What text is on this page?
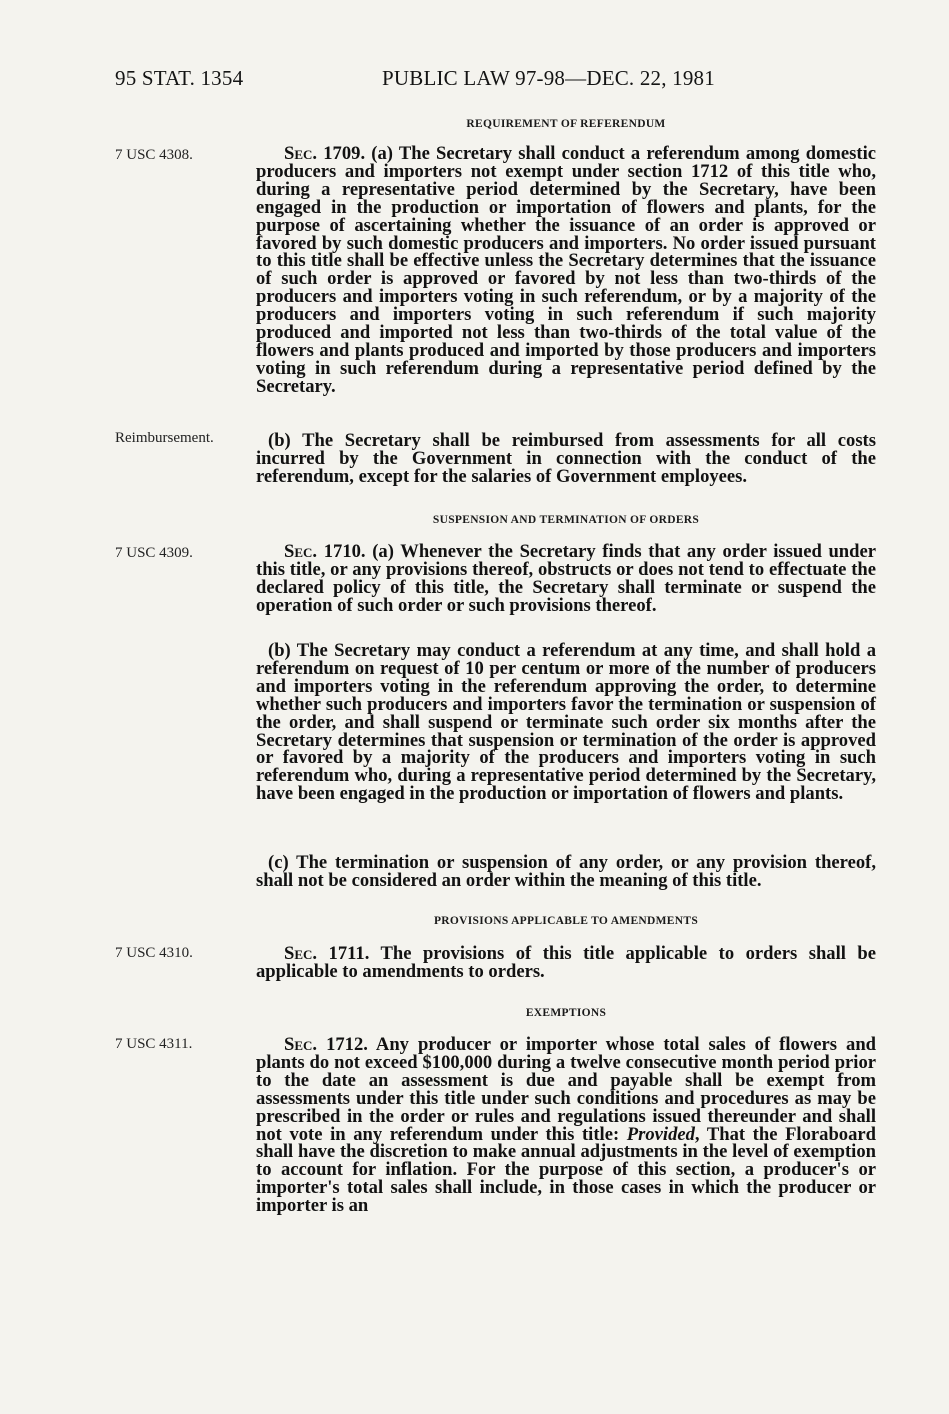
95 STAT. 1354	PUBLIC LAW 97-98—DEC. 22, 1981
REQUIREMENT OF REFERENDUM
7 USC 4308.	Sec. 1709. (a) The Secretary shall conduct a referendum among domestic producers and importers not exempt under section 1712 of this title who, during a representative period determined by the Secretary, have been engaged in the production or importation of flowers and plants, for the purpose of ascertaining whether the issuance of an order is approved or favored by such domestic producers and importers. No order issued pursuant to this title shall be effective unless the Secretary determines that the issuance of such order is approved or favored by not less than two-thirds of the producers and importers voting in such referendum, or by a majority of the producers and importers voting in such referendum if such majority produced and imported not less than two-thirds of the total value of the flowers and plants produced and imported by those producers and importers voting in such referendum during a representative period defined by the Secretary.

Reimbursement.	(b) The Secretary shall be reimbursed from assessments for all costs incurred by the Government in connection with the conduct of the referendum, except for the salaries of Government employees.

SUSPENSION AND TERMINATION OF ORDERS
7 USC 4309.	Sec. 1710. (a) Whenever the Secretary finds that any order issued under this title, or any provisions thereof, obstructs or does not tend to effectuate the declared policy of this title, the Secretary shall terminate or suspend the operation of such order or such provisions thereof.

(b) The Secretary may conduct a referendum at any time, and shall hold a referendum on request of 10 per centum or more of the number of producers and importers voting in the referendum approving the order, to determine whether such producers and importers favor the termination or suspension of the order, and shall suspend or terminate such order six months after the Secretary determines that suspension or termination of the order is approved or favored by a majority of the producers and importers voting in such referendum who, during a representative period determined by the Secretary, have been engaged in the production or importation of flowers and plants.

(c) The termination or suspension of any order, or any provision thereof, shall not be considered an order within the meaning of this title.

PROVISIONS APPLICABLE TO AMENDMENTS
7 USC 4310.	Sec. 1711. The provisions of this title applicable to orders shall be applicable to amendments to orders.

EXEMPTIONS
7 USC 4311.	Sec. 1712. Any producer or importer whose total sales of flowers and plants do not exceed $100,000 during a twelve consecutive month period prior to the date an assessment is due and payable shall be exempt from assessments under this title under such conditions and procedures as may be prescribed in the order or rules and regulations issued thereunder and shall not vote in any referendum under this title: Provided, That the Floraboard shall have the discretion to make annual adjustments in the level of exemption to account for inflation. For the purpose of this section, a producer's or importer's total sales shall include, in those cases in which the producer or importer is an
